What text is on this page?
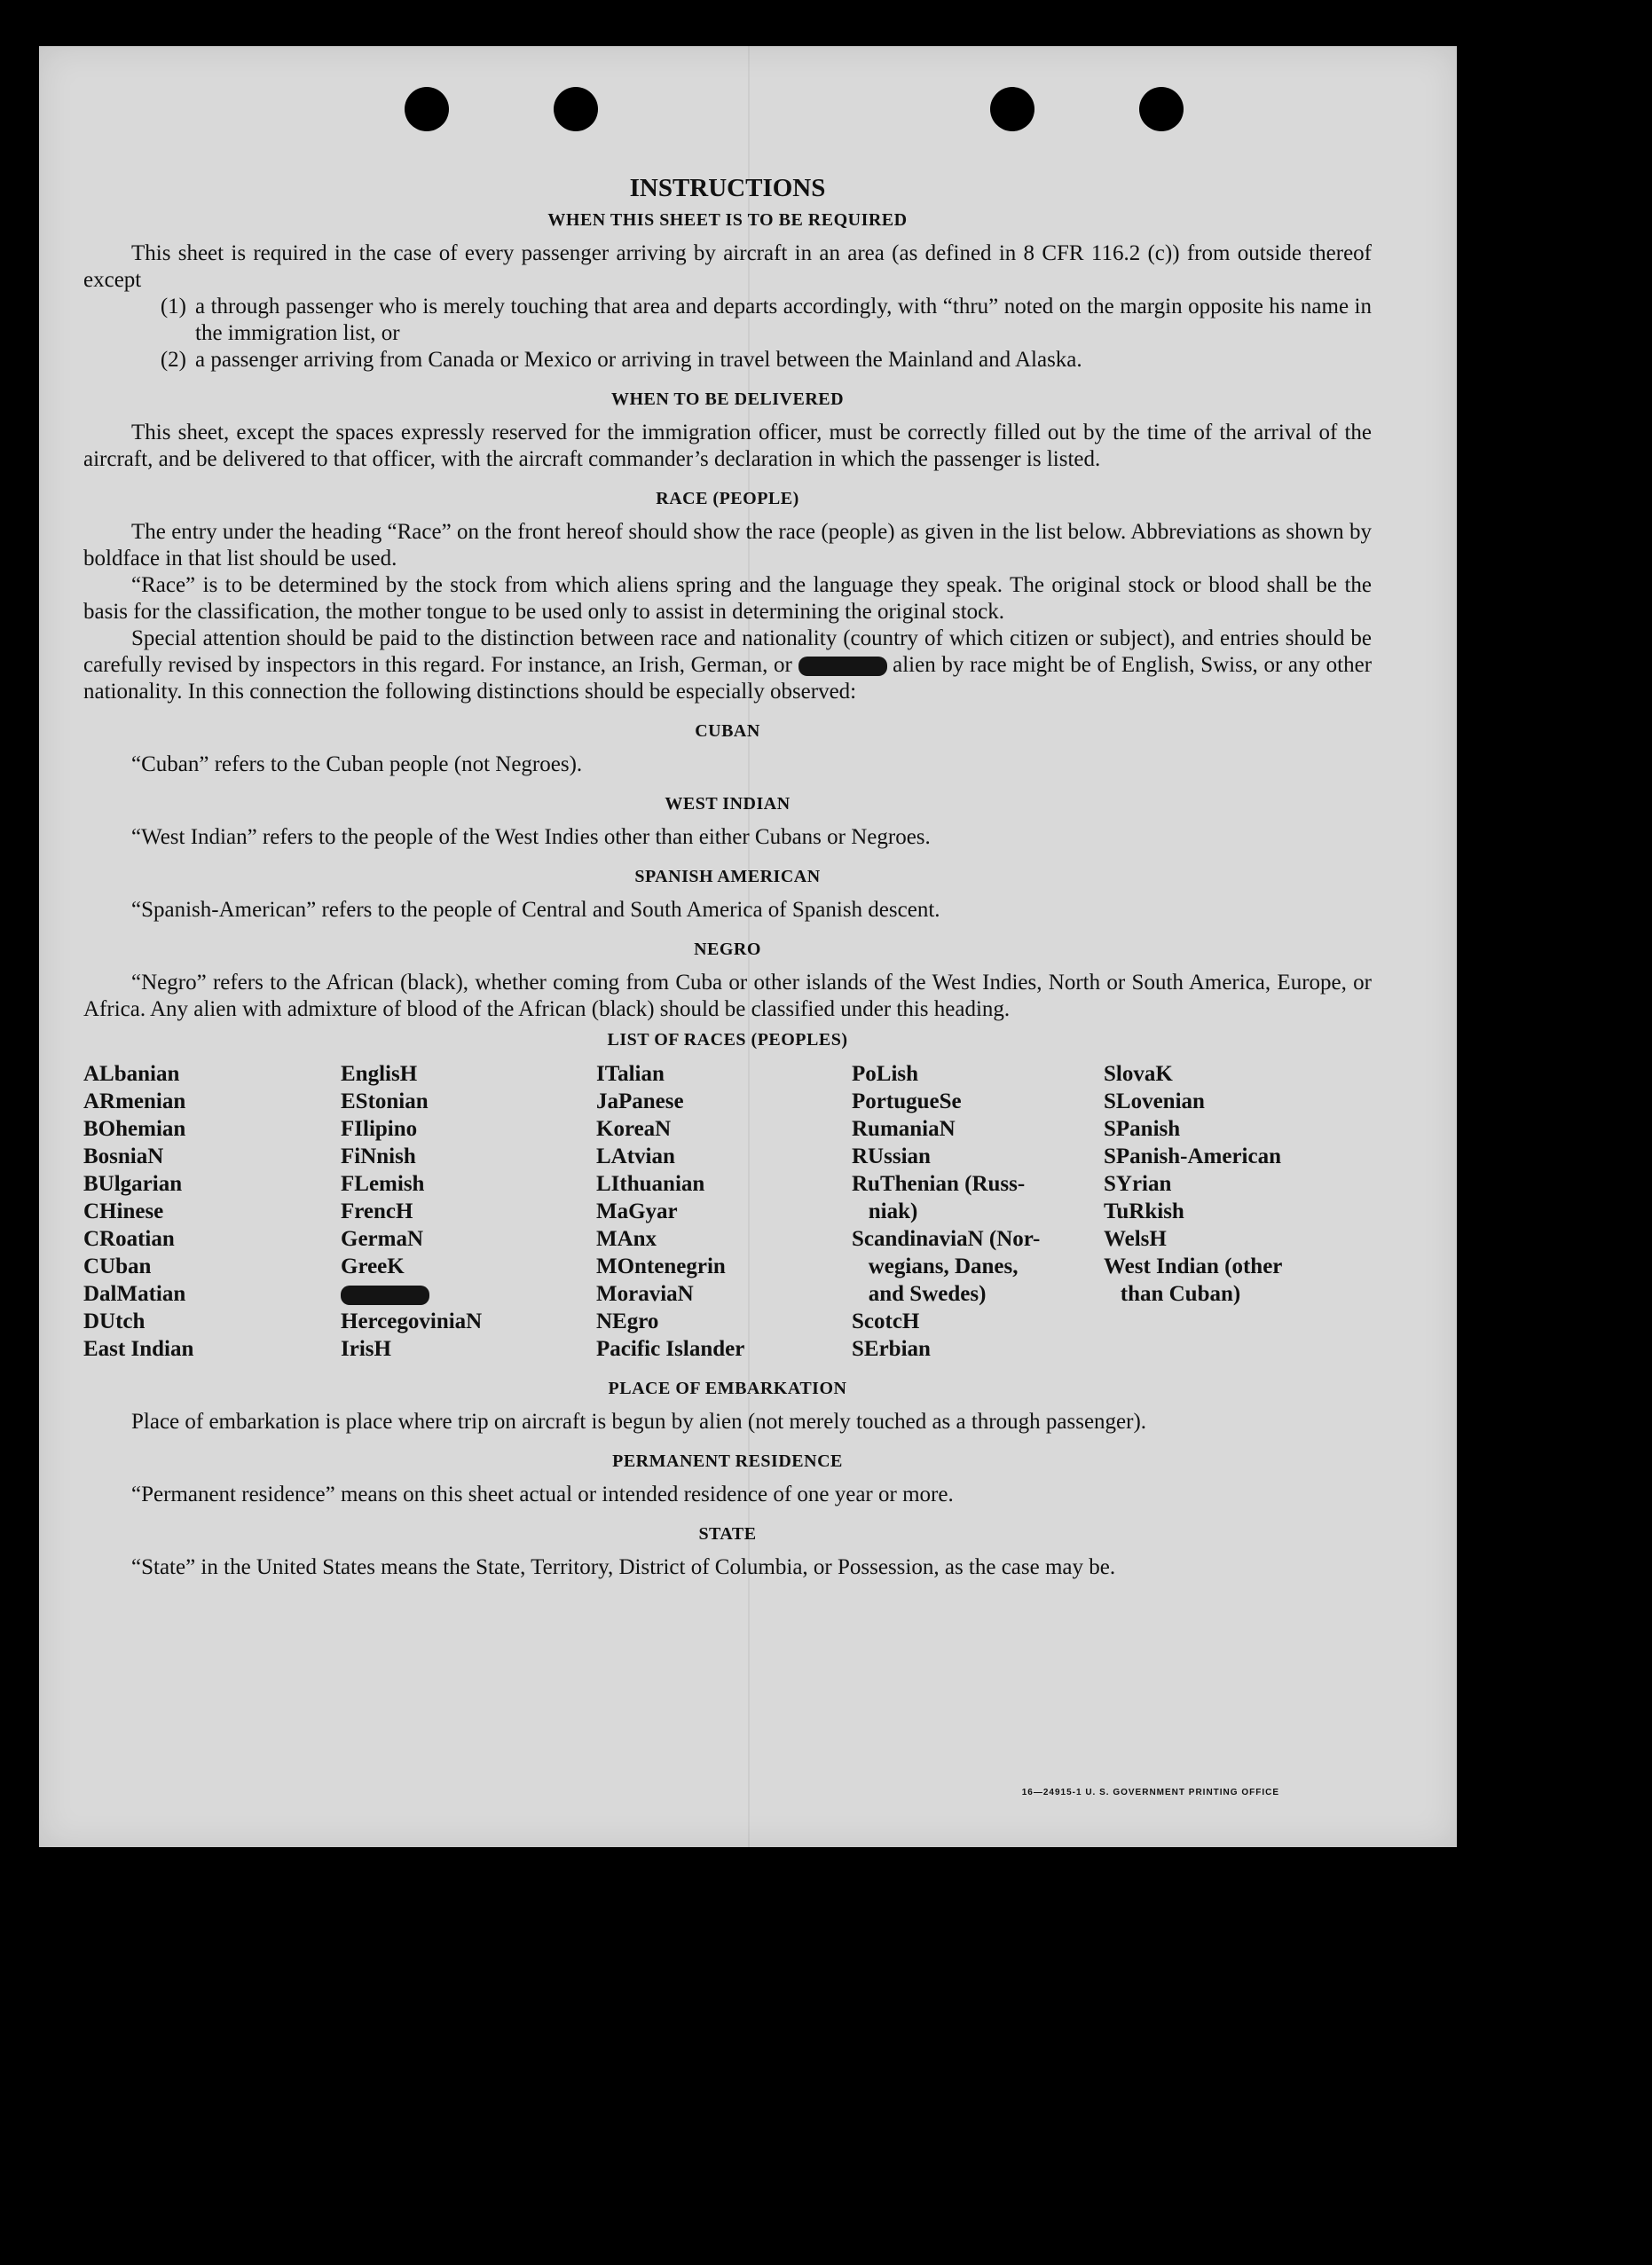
INSTRUCTIONS
WHEN THIS SHEET IS TO BE REQUIRED

This sheet is required in the case of every passenger arriving by aircraft in an area (as defined in 8 CFR 116.2 (c)) from outside thereof except

(1) a through passenger who is merely touching that area and departs accordingly, with “thru” noted on the margin opposite his name in the immigration list, or
(2) a passenger arriving from Canada or Mexico or arriving in travel between the Mainland and Alaska.
WHEN TO BE DELIVERED

This sheet, except the spaces expressly reserved for the immigration officer, must be correctly filled out by the time of the arrival of the aircraft, and be delivered to that officer, with the aircraft commander’s declaration in which the passenger is listed.

RACE (PEOPLE)

The entry under the heading “Race” on the front hereof should show the race (people) as given in the list below. Abbreviations as shown by boldface in that list should be used.

“Race” is to be determined by the stock from which aliens spring and the language they speak. The original stock or blood shall be the basis for the classification, the mother tongue to be used only to assist in determining the original stock.

Special attention should be paid to the distinction between race and nationality (country of which citizen or subject), and entries should be carefully revised by inspectors in this regard. For instance, an Irish, German, or	alien by race might be of English, Swiss, or any other nationality. In this connection the following distinctions should be especially observed:

CUBAN

“Cuban” refers to the Cuban people (not Negroes).

WEST INDIAN

“West Indian” refers to the people of the West Indies other than either Cubans or Negroes.

SPANISH AMERICAN

“Spanish-American” refers to the people of Central and South America of Spanish descent.

NEGRO

“Negro” refers to the African (black), whether coming from Cuba or other islands of the West Indies, North or South America, Europe, or Africa. Any alien with admixture of blood of the African (black) should be classified under this heading.

LIST OF RACES (PEOPLES)
ALbanian
ARmenian
BOhemian
BosniaN
BUlgarian
CHinese
CRoatian
CUban
DalMatian
DUtch
East Indian
EnglisH
EStonian
FIlipino
FiNnish
FLemish
FrencH
GermaN
GreeK
HercegoviniaN
IrisH
ITalian
JaPanese
KoreaN
LAtvian
LIthuanian
MaGyar
MAnx
MOntenegrin
MoraviaN
NEgro
Pacific Islander
PoLish
PortugueSe
RumaniaN
RUssian
RuThenian (Russ-
niak)
ScandinaviaN (Nor-
wegians, Danes,
and Swedes)
ScotcH
SErbian
SlovaK
SLovenian
SPanish
SPanish-American
SYrian
TuRkish
WelsH
West Indian (other
than Cuban)
PLACE OF EMBARKATION

Place of embarkation is place where trip on aircraft is begun by alien (not merely touched as a through passenger).

PERMANENT RESIDENCE

“Permanent residence” means on this sheet actual or intended residence of one year or more.

STATE

“State” in the United States means the State, Territory, District of Columbia, or Possession, as the case may be.

16—24915-1 U. S. GOVERNMENT PRINTING OFFICE
